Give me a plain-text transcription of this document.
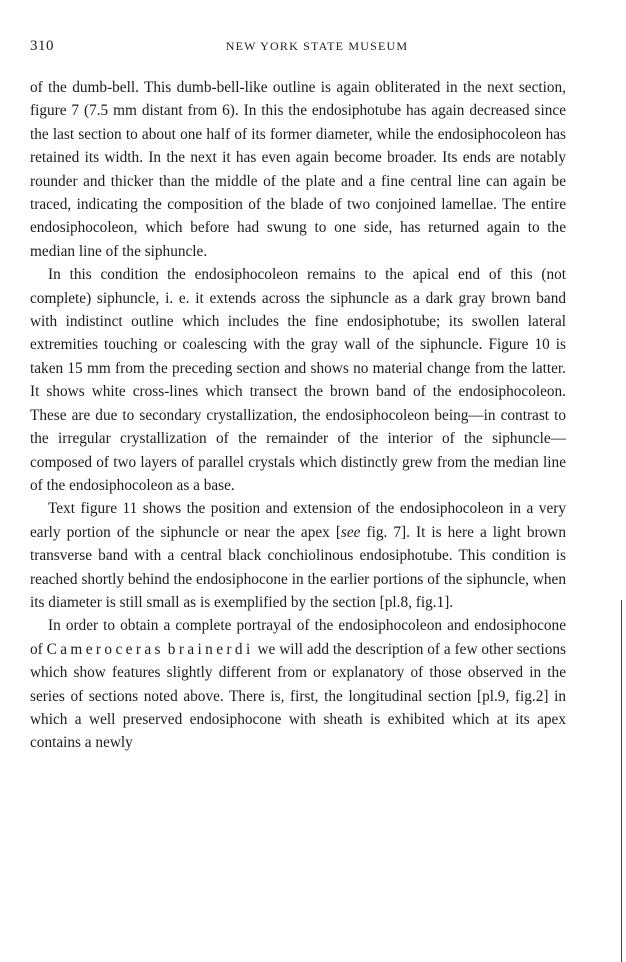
310	NEW YORK STATE MUSEUM

of the dumb-bell. This dumb-bell-like outline is again obliterated in the next section, figure 7 (7.5 mm distant from 6). In this the endosiphotube has again decreased since the last section to about one half of its former diameter, while the endosiphocoleon has retained its width. In the next it has even again become broader. Its ends are notably rounder and thicker than the middle of the plate and a fine central line can again be traced, indicating the composition of the blade of two conjoined lamellae. The entire endosiphocoleon, which before had swung to one side, has returned again to the median line of the siphuncle.

In this condition the endosiphocoleon remains to the apical end of this (not complete) siphuncle, i. e. it extends across the siphuncle as a dark gray brown band with indistinct outline which includes the fine endosiphotube; its swollen lateral extremities touching or coalescing with the gray wall of the siphuncle. Figure 10 is taken 15 mm from the preceding section and shows no material change from the latter. It shows white cross-lines which transect the brown band of the endosiphocoleon. These are due to secondary crystallization, the endosiphocoleon being—in contrast to the irregular crystallization of the remainder of the interior of the siphuncle—composed of two layers of parallel crystals which distinctly grew from the median line of the endosiphocoleon as a base.

Text figure 11 shows the position and extension of the endosiphocoleon in a very early portion of the siphuncle or near the apex [see fig. 7]. It is here a light brown transverse band with a central black conchiolinous endosiphotube. This condition is reached shortly behind the endosiphocone in the earlier portions of the siphuncle, when its diameter is still small as is exemplified by the section [pl.8, fig.1].

In order to obtain a complete portrayal of the endosiphocoleon and endosiphocone of Cameroceras brainerdi we will add the description of a few other sections which show features slightly different from or explanatory of those observed in the series of sections noted above. There is, first, the longitudinal section [pl.9, fig.2] in which a well preserved endosiphocone with sheath is exhibited which at its apex contains a newly
